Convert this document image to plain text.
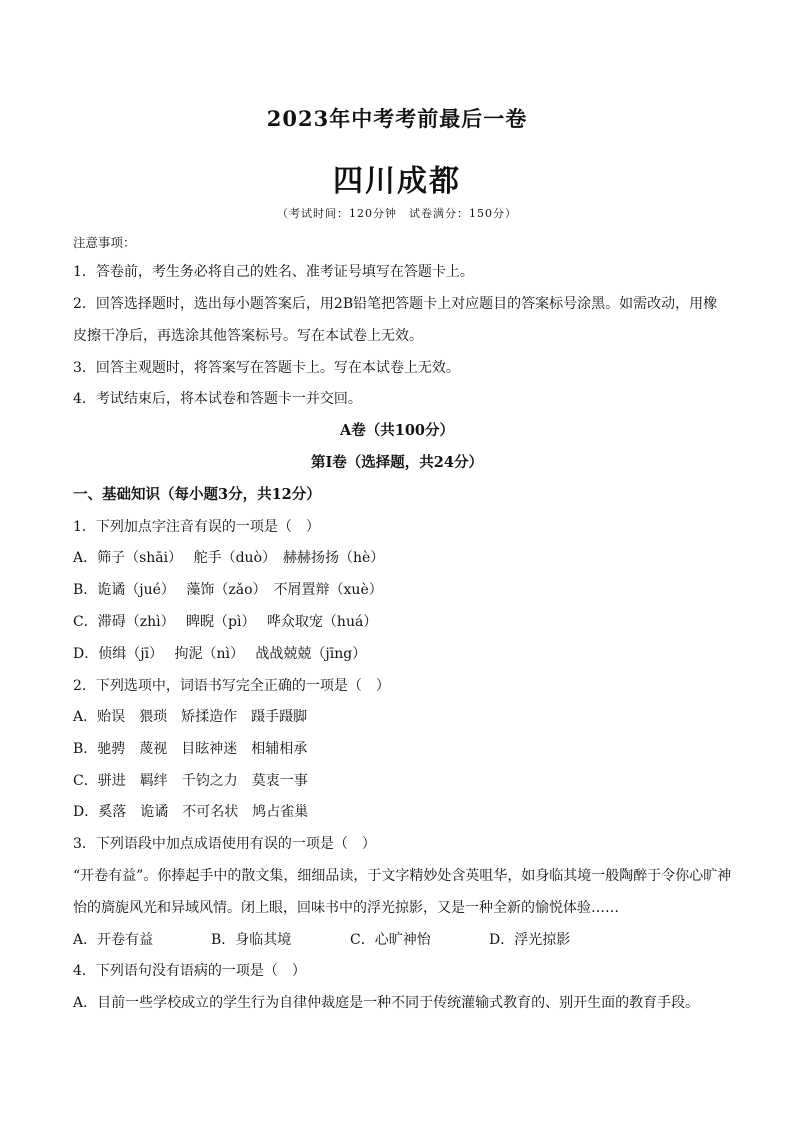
2023年中考考前最后一卷
四川成都
（考试时间：120分钟　试卷满分：150分）
注意事项：
1．答卷前，考生务必将自己的姓名、准考证号填写在答题卡上。
2．回答选择题时，选出每小题答案后，用2B铅笔把答题卡上对应题目的答案标号涂黑。如需改动，用橡
皮擦干净后，再选涂其他答案标号。写在本试卷上无效。
3．回答主观题时，将答案写在答题卡上。写在本试卷上无效。
4．考试结束后，将本试卷和答题卡一并交回。
A卷（共100分）
第Ⅰ卷（选择题，共24分）
一、基础知识（每小题3分，共12分）
1．下列加点字注音有误的一项是（　）
A．筛子（shāi）　 舵手（duò）　赫赫扬扬（hè）
B．诡谲（jué）　 藻饰（zǎo）　不屑置辩（xuè）
C．滞碍（zhì）　 睥睨（pì）　 哗众取宠（huá）
D．侦缉（jī）　 拘泥（nì）　 战战兢兢（jīng）
2．下列选项中，词语书写完全正确的一项是（　）
A．贻误　猥琐　矫揉造作　蹑手蹑脚
B．驰骋　蔑视　目眩神迷　相辅相承
C．骈进　羁绊　千钧之力　莫衷一事
D．奚落　诡谲　不可名状　鸠占雀巢
3．下列语段中加点成语使用有误的一项是（　）
“开卷有益”。你捧起手中的散文集，细细品读，于文字精妙处含英咀华，如身临其境一般陶醉于令你心旷神
怡的旖旎风光和异域风情。闭上眼，回味书中的浮光掠影，又是一种全新的愉悦体验……
A．开卷有益	B．身临其境	C．心旷神怡	D．浮光掠影
4．下列语句没有语病的一项是（　）
A．目前一些学校成立的学生行为自律仲裁庭是一种不同于传统灌输式教育的、别开生面的教育手段。
